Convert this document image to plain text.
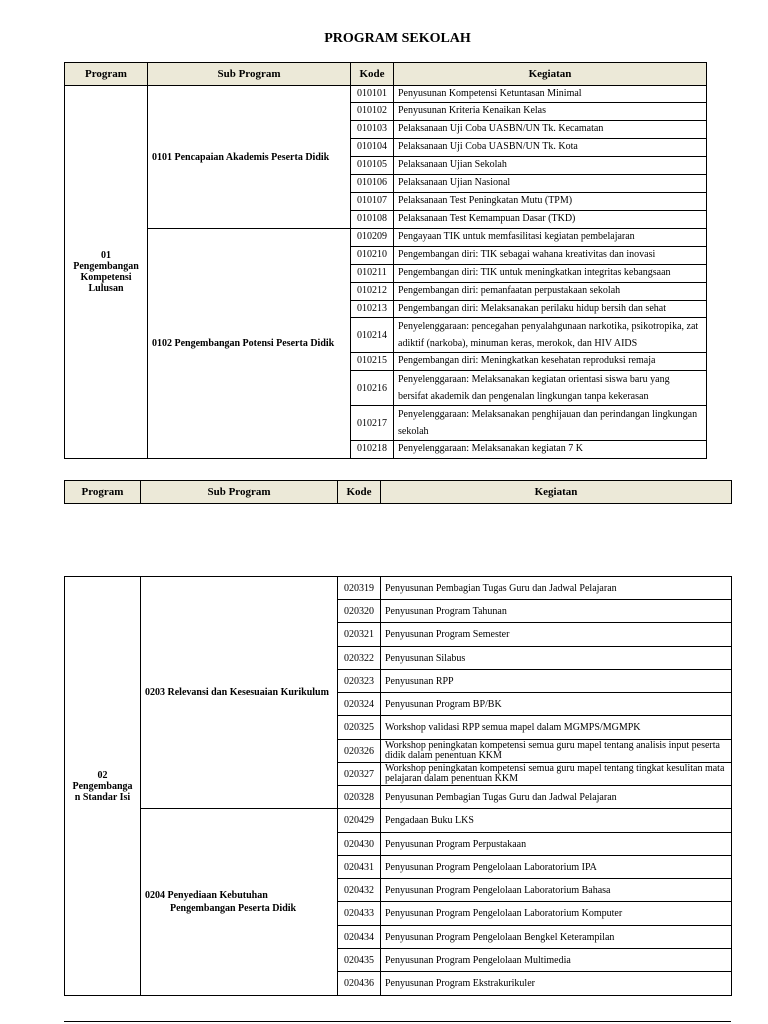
PROGRAM SEKOLAH
Program	Sub Program	Kode	Kegiatan

01
Pengembangan
Kompetensi
Lulusan	0101 Pencapaian Akademis Peserta Didik	010101	Penyusunan Kompetensi Ketuntasan Minimal
		010102	Penyusunan Kriteria Kenaikan Kelas
		010103	Pelaksanaan Uji Coba UASBN/UN Tk. Kecamatan
		010104	Pelaksanaan Uji Coba UASBN/UN Tk. Kota
		010105	Pelaksanaan Ujian Sekolah
		010106	Pelaksanaan Ujian Nasional
		010107	Pelaksanaan Test Peningkatan Mutu (TPM)
		010108	Pelaksanaan Test Kemampuan Dasar (TKD)
	0102 Pengembangan Potensi Peserta Didik	010209	Pengayaan TIK untuk memfasilitasi kegiatan pembelajaran
		010210	Pengembangan diri: TIK sebagai wahana kreativitas dan inovasi
		010211	Pengembangan diri: TIK untuk meningkatkan integritas kebangsaan
		010212	Pengembangan diri: pemanfaatan perpustakaan sekolah
		010213	Pengembangan diri: Melaksanakan perilaku hidup bersih dan sehat
		010214	Penyelenggaraan: pencegahan penyalahgunaan narkotika, psikotropika, zat adiktif (narkoba), minuman keras, merokok, dan HIV AIDS
		010215	Pengembangan diri: Meningkatkan kesehatan reproduksi remaja
		010216	Penyelenggaraan: Melaksanakan kegiatan orientasi siswa baru yang bersifat akademik dan pengenalan lingkungan tanpa kekerasan
		010217	Penyelenggaraan: Melaksanakan penghijauan dan perindangan lingkungan sekolah
		010218	Penyelenggaraan: Melaksanakan kegiatan 7 K
Program	Sub Program	Kode	Kegiatan
02
Pengembanga
n Standar Isi	0203 Relevansi dan Kesesuaian Kurikulum	020319	Penyusunan Pembagian Tugas Guru dan Jadwal Pelajaran
		020320	Penyusunan Program Tahunan
		020321	Penyusunan Program Semester
		020322	Penyusunan Silabus
		020323	Penyusunan RPP
		020324	Penyusunan Program BP/BK
		020325	Workshop validasi RPP semua mapel dalam MGMPS/MGMPK
		020326	Workshop peningkatan kompetensi semua guru mapel tentang analisis input peserta didik dalam penentuan KKM
		020327	Workshop peningkatan kompetensi semua guru mapel tentang tingkat kesulitan mata pelajaran dalam penentuan KKM
		020328	Penyusunan Pembagian Tugas Guru dan Jadwal Pelajaran
	0204 Penyediaan Kebutuhan
Pengembangan Peserta Didik	020429	Pengadaan Buku LKS
		020430	Penyusunan Program Perpustakaan
		020431	Penyusunan Program Pengelolaan Laboratorium IPA
		020432	Penyusunan Program Pengelolaan Laboratorium Bahasa
		020433	Penyusunan Program Pengelolaan Laboratorium Komputer
		020434	Penyusunan Program Pengelolaan Bengkel Keterampilan
		020435	Penyusunan Program Pengelolaan Multimedia
		020436	Penyusunan Program Ekstrakurikuler
